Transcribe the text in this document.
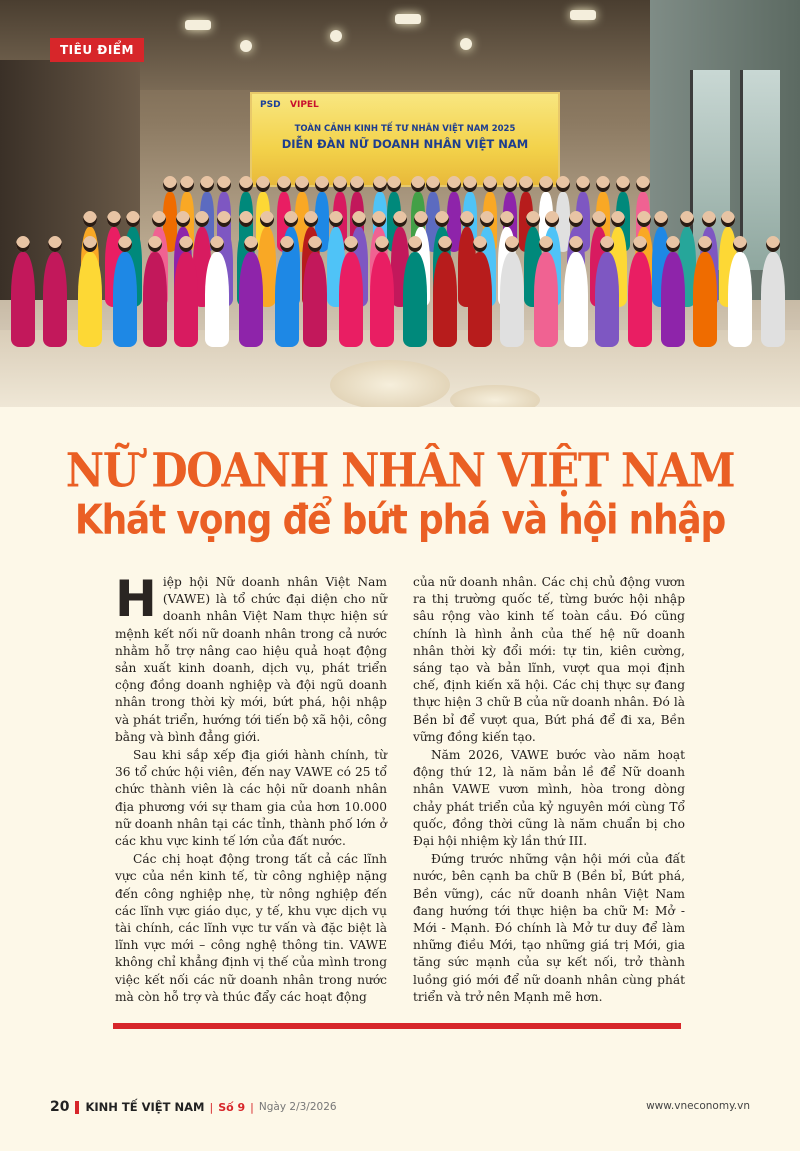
PSD VIPEL
TOÀN CẢNH KINH TẾ TƯ NHÂN VIỆT NAM 2025
DIỄN ĐÀN NỮ DOANH NHÂN VIỆT NAM
TIÊU ĐIỂM
NỮ DOANH NHÂN VIỆT NAM
Khát vọng để bứt phá và hội nhập

Hiệp hội Nữ doanh nhân Việt Nam (VAWE) là tổ chức đại diện cho nữ doanh nhân Việt Nam thực hiện sứ mệnh kết nối nữ doanh nhân trong cả nước nhằm hỗ trợ nâng cao hiệu quả hoạt động sản xuất kinh doanh, dịch vụ, phát triển cộng đồng doanh nghiệp và đội ngũ doanh nhân trong thời kỳ mới, bứt phá, hội nhập và phát triển, hướng tới tiến bộ xã hội, công bằng và bình đẳng giới.

Sau khi sắp xếp địa giới hành chính, từ 36 tổ chức hội viên, đến nay VAWE có 25 tổ chức thành viên là các hội nữ doanh nhân địa phương với sự tham gia của hơn 10.000 nữ doanh nhân tại các tỉnh, thành phố lớn ở các khu vực kinh tế lớn của đất nước.

Các chị hoạt động trong tất cả các lĩnh vực của nền kinh tế, từ công nghiệp nặng đến công nghiệp nhẹ, từ nông nghiệp đến các lĩnh vực giáo dục, y tế, khu vực dịch vụ tài chính, các lĩnh vực tư vấn và đặc biệt là lĩnh vực mới – công nghệ thông tin. VAWE không chỉ khẳng định vị thế của mình trong việc kết nối các nữ doanh nhân trong nước mà còn hỗ trợ và thúc đẩy các hoạt động

của nữ doanh nhân. Các chị chủ động vươn ra thị trường quốc tế, từng bước hội nhập sâu rộng vào kinh tế toàn cầu. Đó cũng chính là hình ảnh của thế hệ nữ doanh nhân thời kỳ đổi mới: tự tin, kiên cường, sáng tạo và bản lĩnh, vượt qua mọi định chế, định kiến xã hội. Các chị thực sự đang thực hiện 3 chữ B của nữ doanh nhân. Đó là Bền bỉ để vượt qua, Bứt phá để đi xa, Bền vững đồng kiến tạo.

Năm 2026, VAWE bước vào năm hoạt động thứ 12, là năm bản lề để Nữ doanh nhân VAWE vươn mình, hòa trong dòng chảy phát triển của kỷ nguyên mới cùng Tổ quốc, đồng thời cũng là năm chuẩn bị cho Đại hội nhiệm kỳ lần thứ III.

Đứng trước những vận hội mới của đất nước, bên cạnh ba chữ B (Bền bỉ, Bứt phá, Bền vững), các nữ doanh nhân Việt Nam đang hướng tới thực hiện ba chữ M: Mở - Mới - Mạnh. Đó chính là Mở tư duy để làm những điều Mới, tạo những giá trị Mới, gia tăng sức mạnh của sự kết nối, trở thành luồng gió mới để nữ doanh nhân cùng phát triển và trở nên Mạnh mẽ hơn.

20 KINH TẾ VIỆT NAM | Số 9 | Ngày 2/3/2026	www.vneconomy.vn
